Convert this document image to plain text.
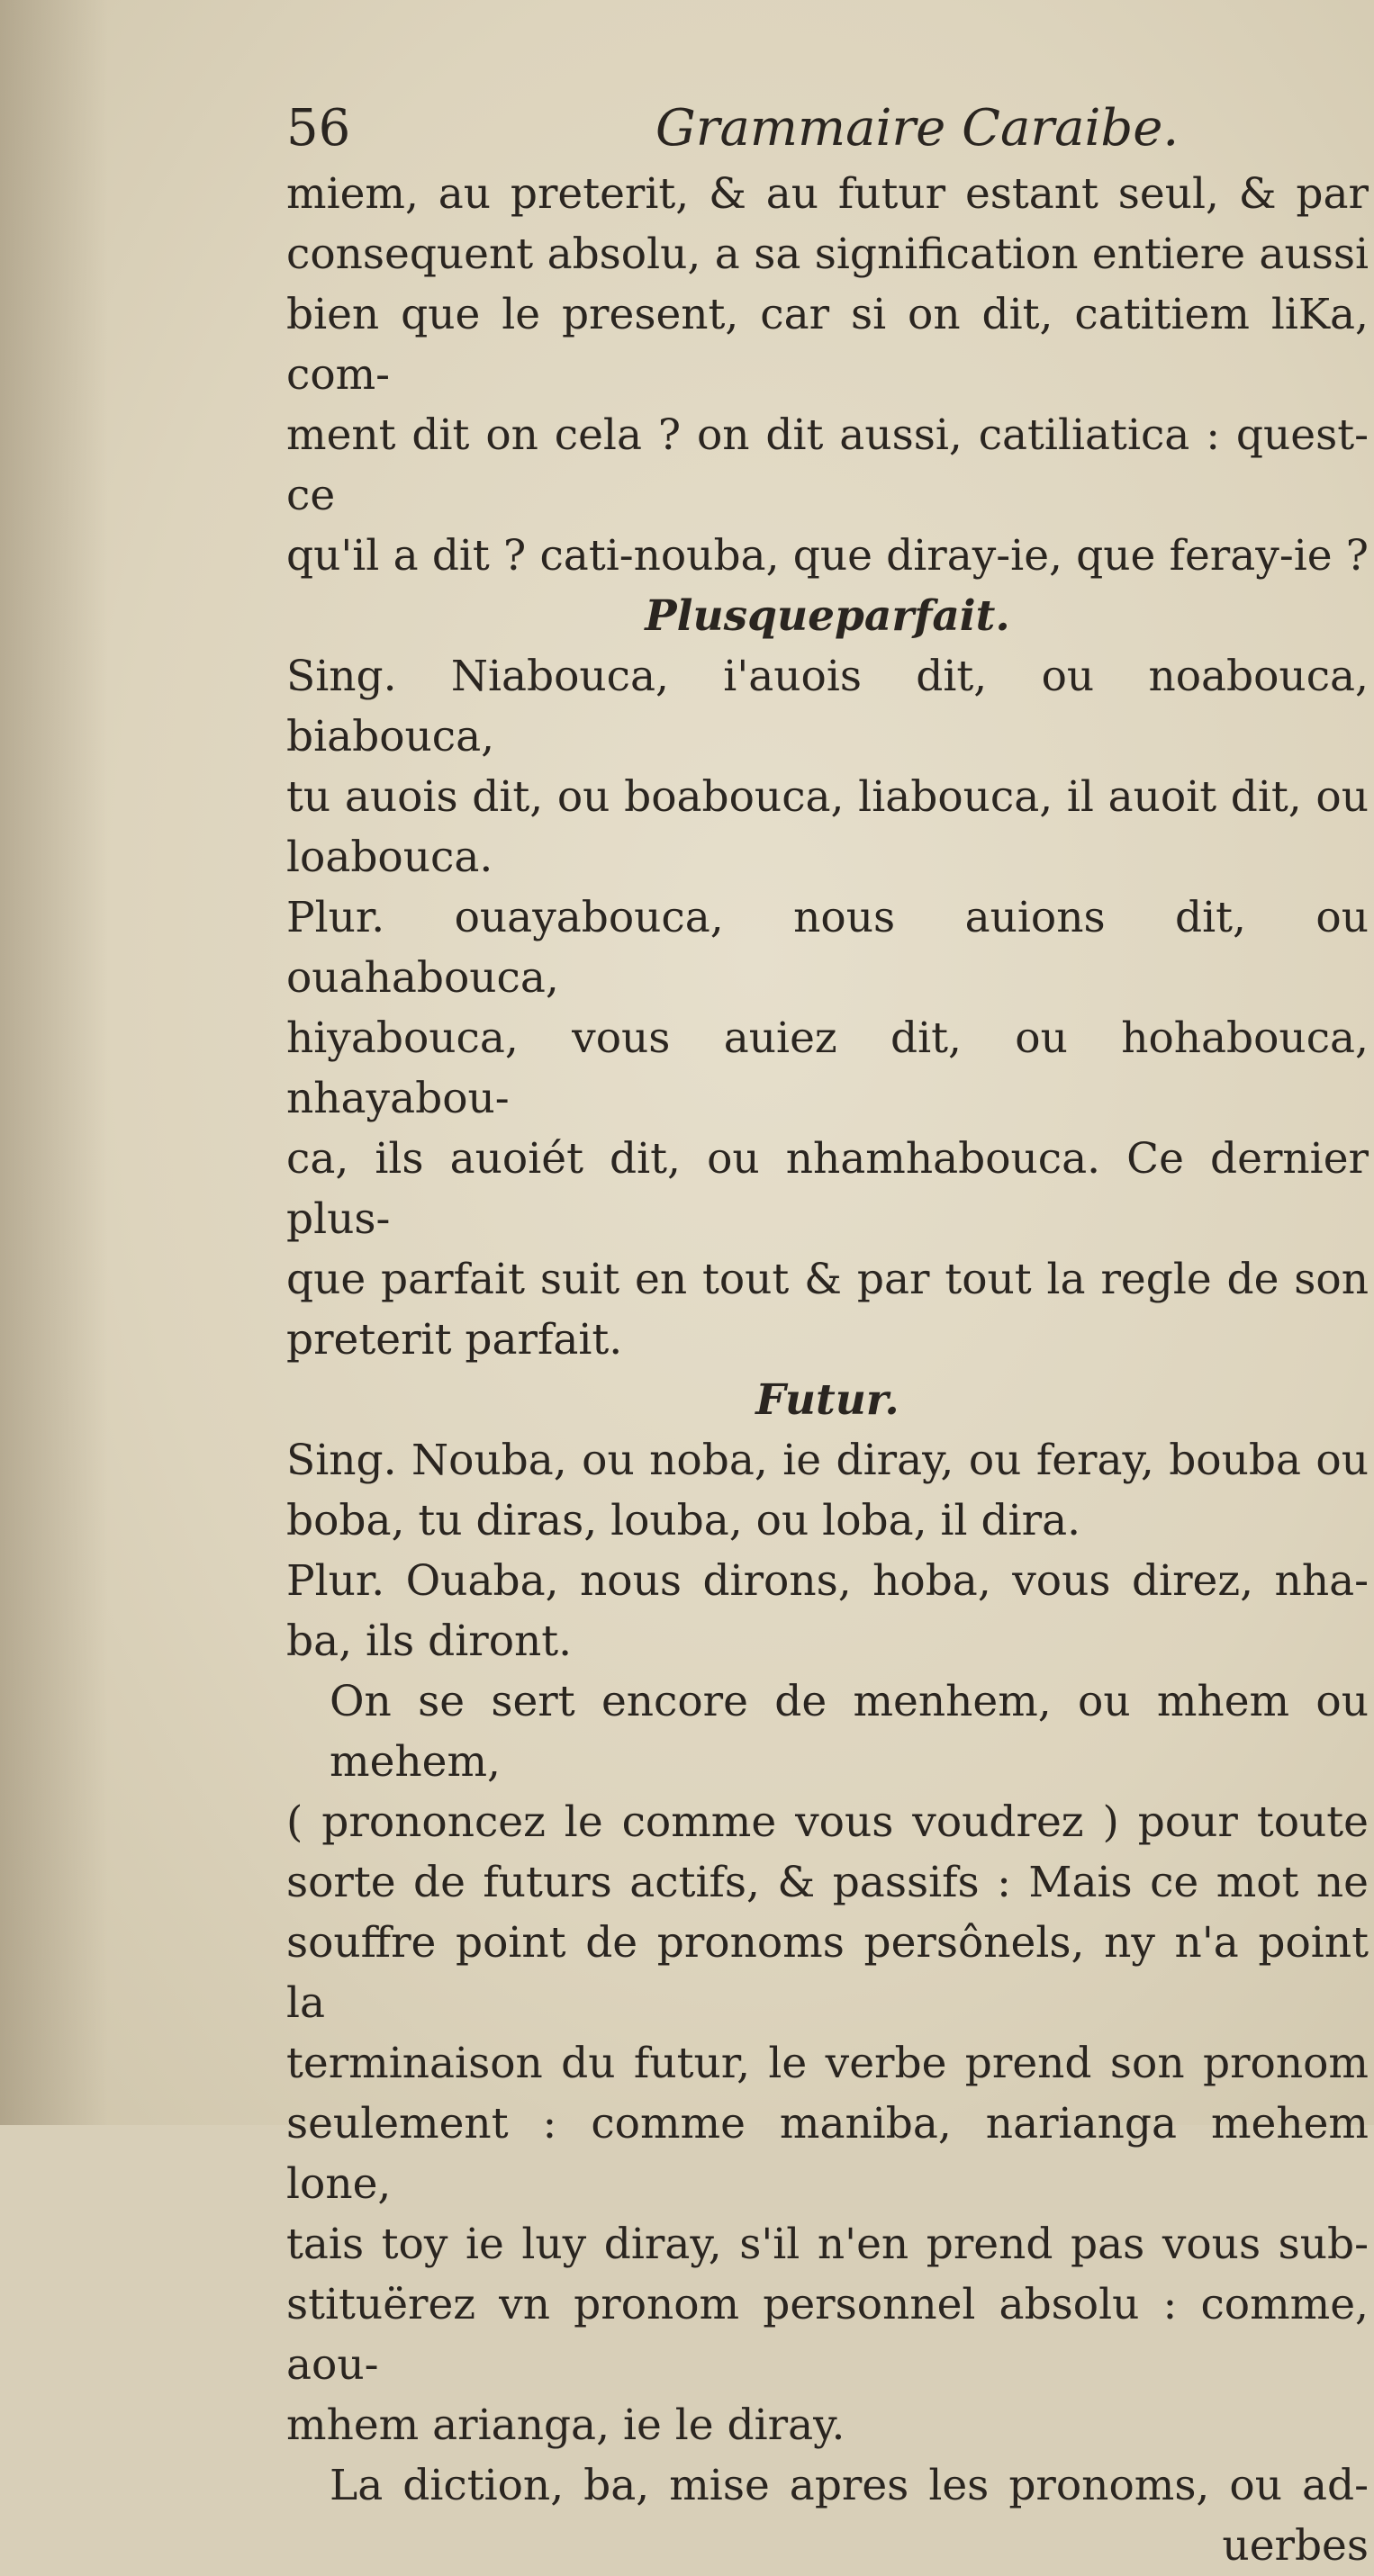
56	Grammaire Caraibe.

miem, au preterit, & au futur estant seul, & par
consequent absolu, a sa signification entiere aussi
bien que le present, car si on dit, catitiem liKa, com-
ment dit on cela ? on dit aussi, catiliatica : quest-ce
qu'il a dit ? cati-nouba, que diray-ie, que feray-ie ?
Plusqueparfait.
Sing. Niabouca, i'auois dit, ou noabouca, biabouca,
tu auois dit, ou boabouca, liabouca, il auoit dit, ou
loabouca.
Plur. ouayabouca, nous auions dit, ou ouahabouca,
hiyabouca, vous auiez dit, ou hohabouca, nhayabou-
ca, ils auoiét dit, ou nhamhabouca. Ce dernier plus-
que parfait suit en tout & par tout la regle de son
preterit parfait.
Futur.
Sing. Nouba, ou noba, ie diray, ou feray, bouba ou
boba, tu diras, louba, ou loba, il dira.
Plur. Ouaba, nous dirons, hoba, vous direz, nha-
ba, ils diront.
On se sert encore de menhem, ou mhem ou mehem,
( prononcez le comme vous voudrez ) pour toute
sorte de futurs actifs, & passifs : Mais ce mot ne
souffre point de pronoms persônels, ny n'a point la
terminaison du futur, le verbe prend son pronom
seulement : comme maniba, narianga mehem lone,
tais toy ie luy diray, s'il n'en prend pas vous sub-
stituërez vn pronom personnel absolu : comme, aou-
mhem arianga, ie le diray.
La diction, ba, mise apres les pronoms, ou ad-
uerbes
